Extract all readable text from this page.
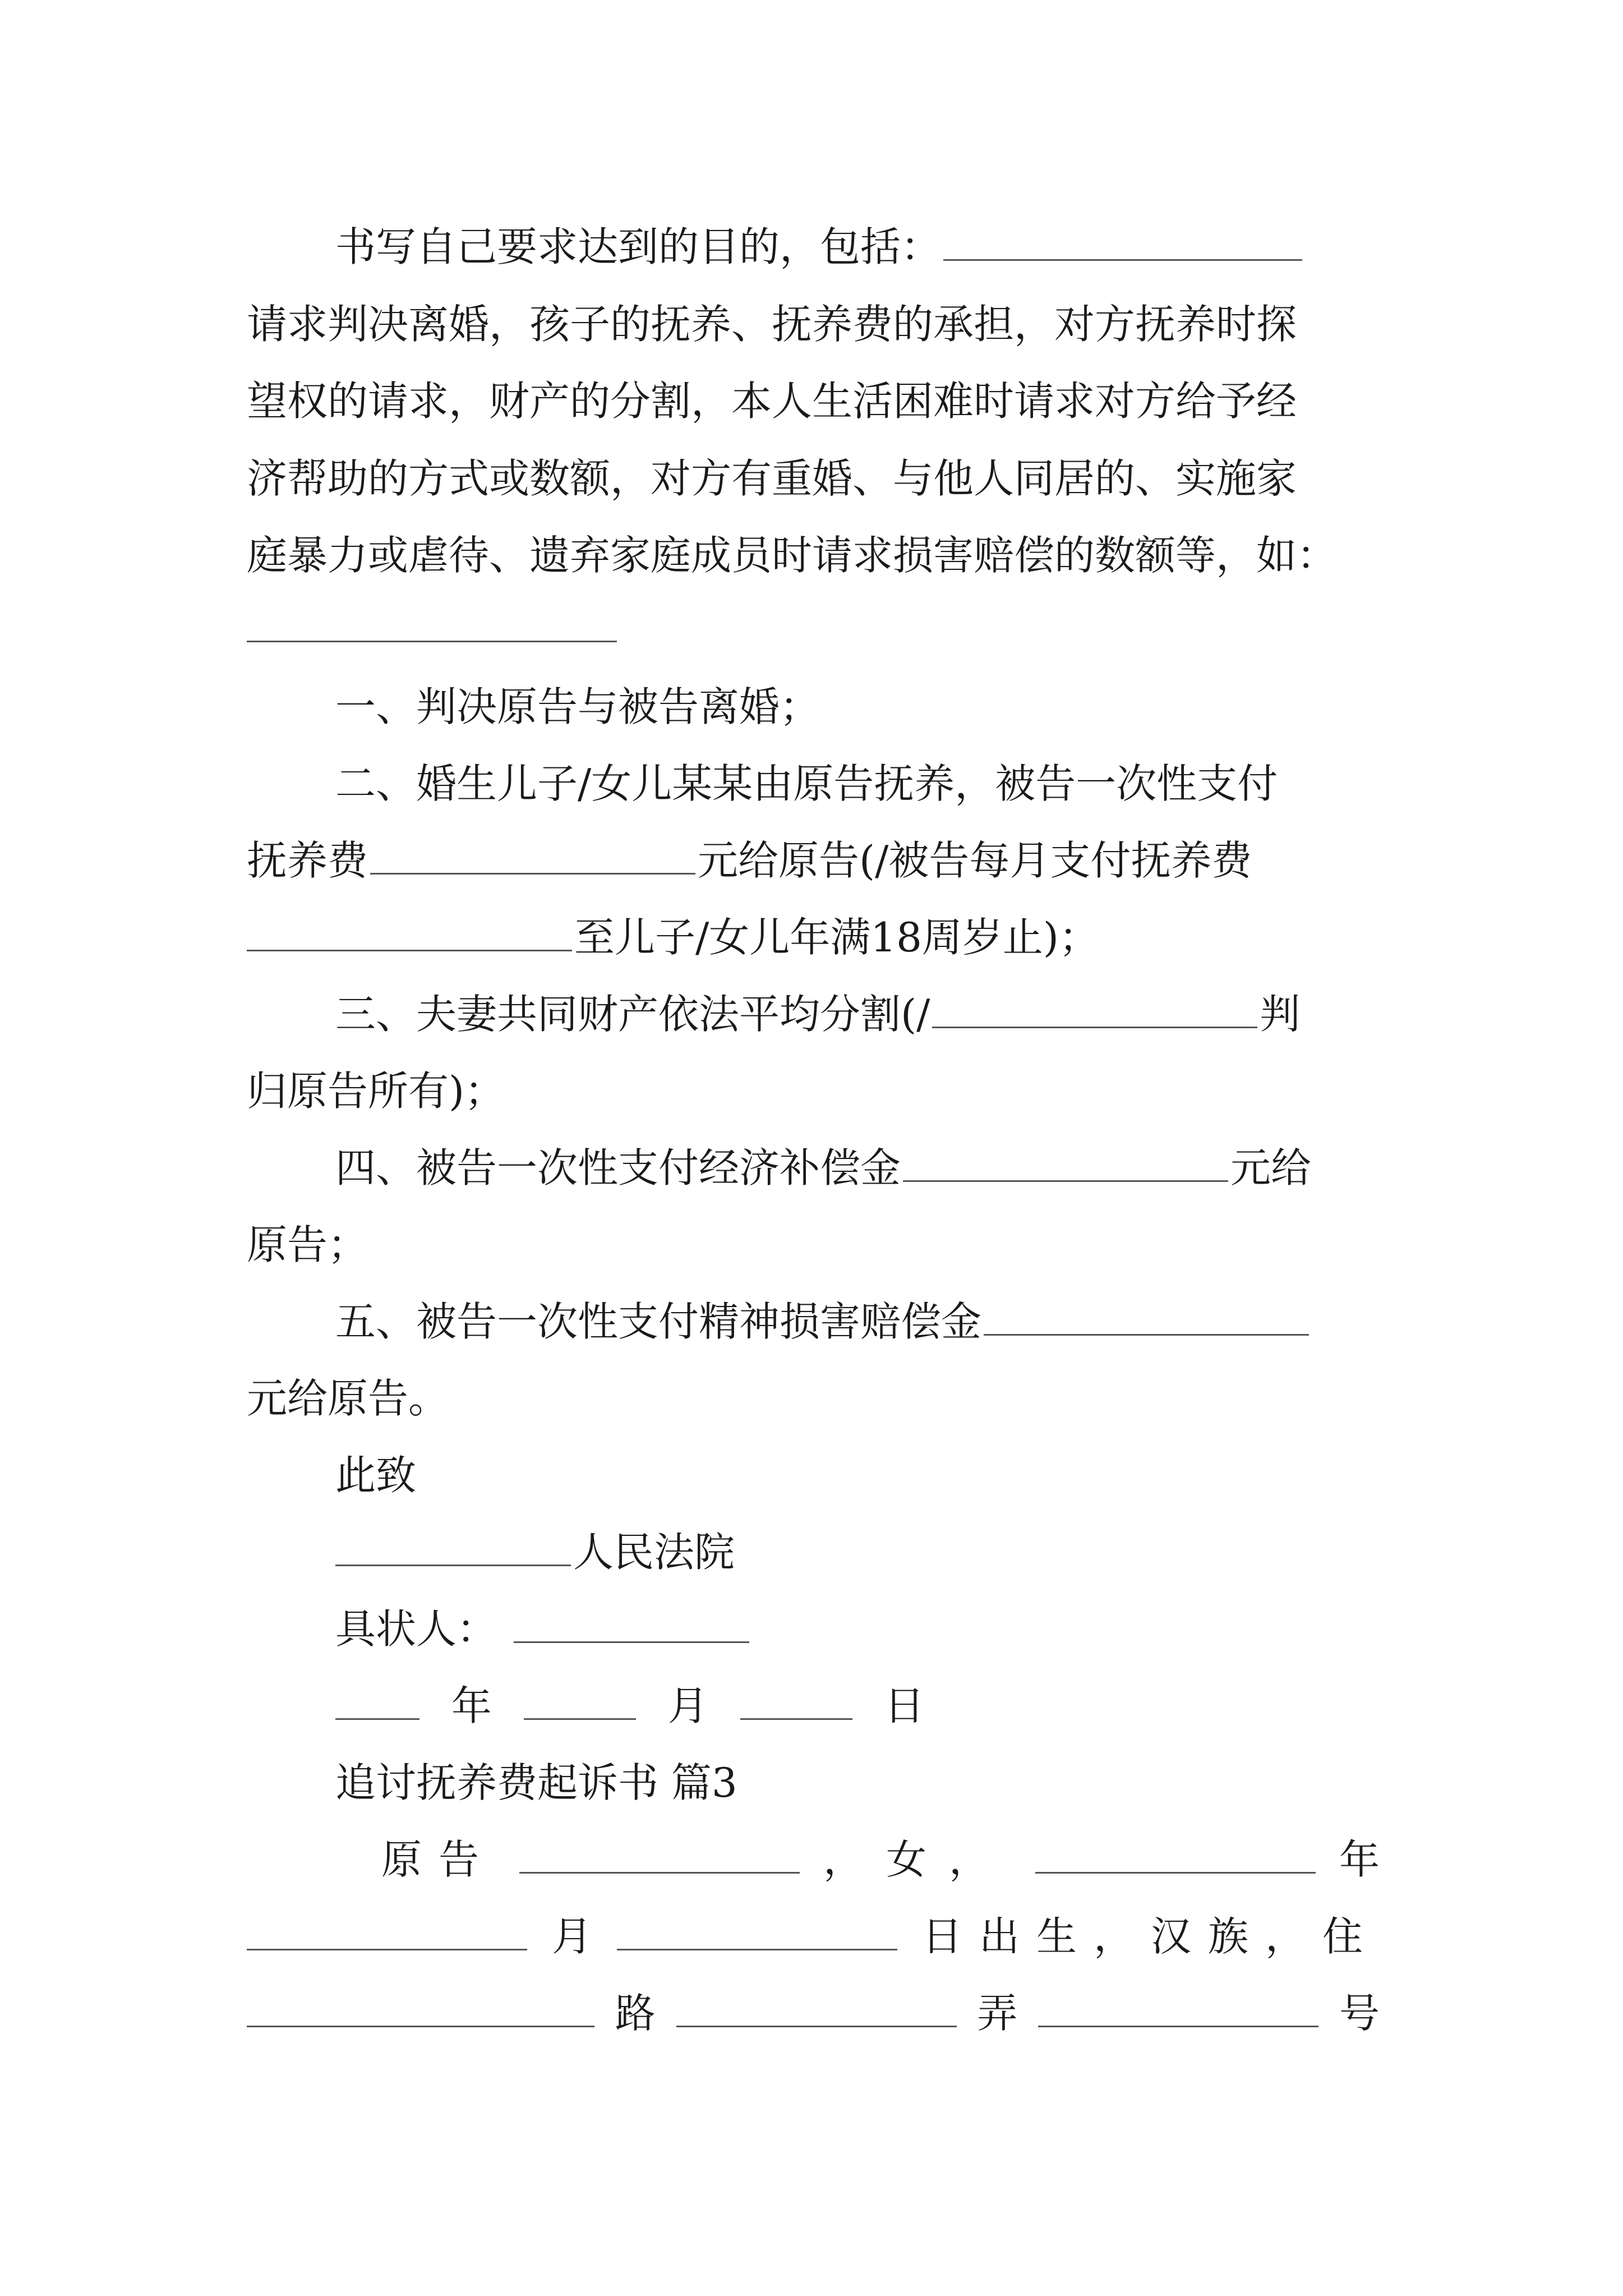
书写自己要求达到的目的，包括：
请求判决离婚，孩子的抚养、抚养费的承担，对方抚养时探
望权的请求，财产的分割，本人生活困难时请求对方给予经
济帮助的方式或数额，对方有重婚、与他人同居的、实施家
庭暴力或虐待、遗弃家庭成员时请求损害赔偿的数额等，如：
一、判决原告与被告离婚；
二、婚生儿子/女儿某某由原告抚养，被告一次性支付
抚养费	元给原告(/被告每月支付抚养费
至儿子/女儿年满18周岁止)；
三、夫妻共同财产依法平均分割(/	判
归原告所有)；
四、被告一次性支付经济补偿金	元给
原告；
五、被告一次性支付精神损害赔偿金
元给原告。
此致
人民法院
具状人：
年	月	日
追讨抚养费起诉书 篇3
原告	，女，	年
月	日出生，汉族，住
路	弄	号
